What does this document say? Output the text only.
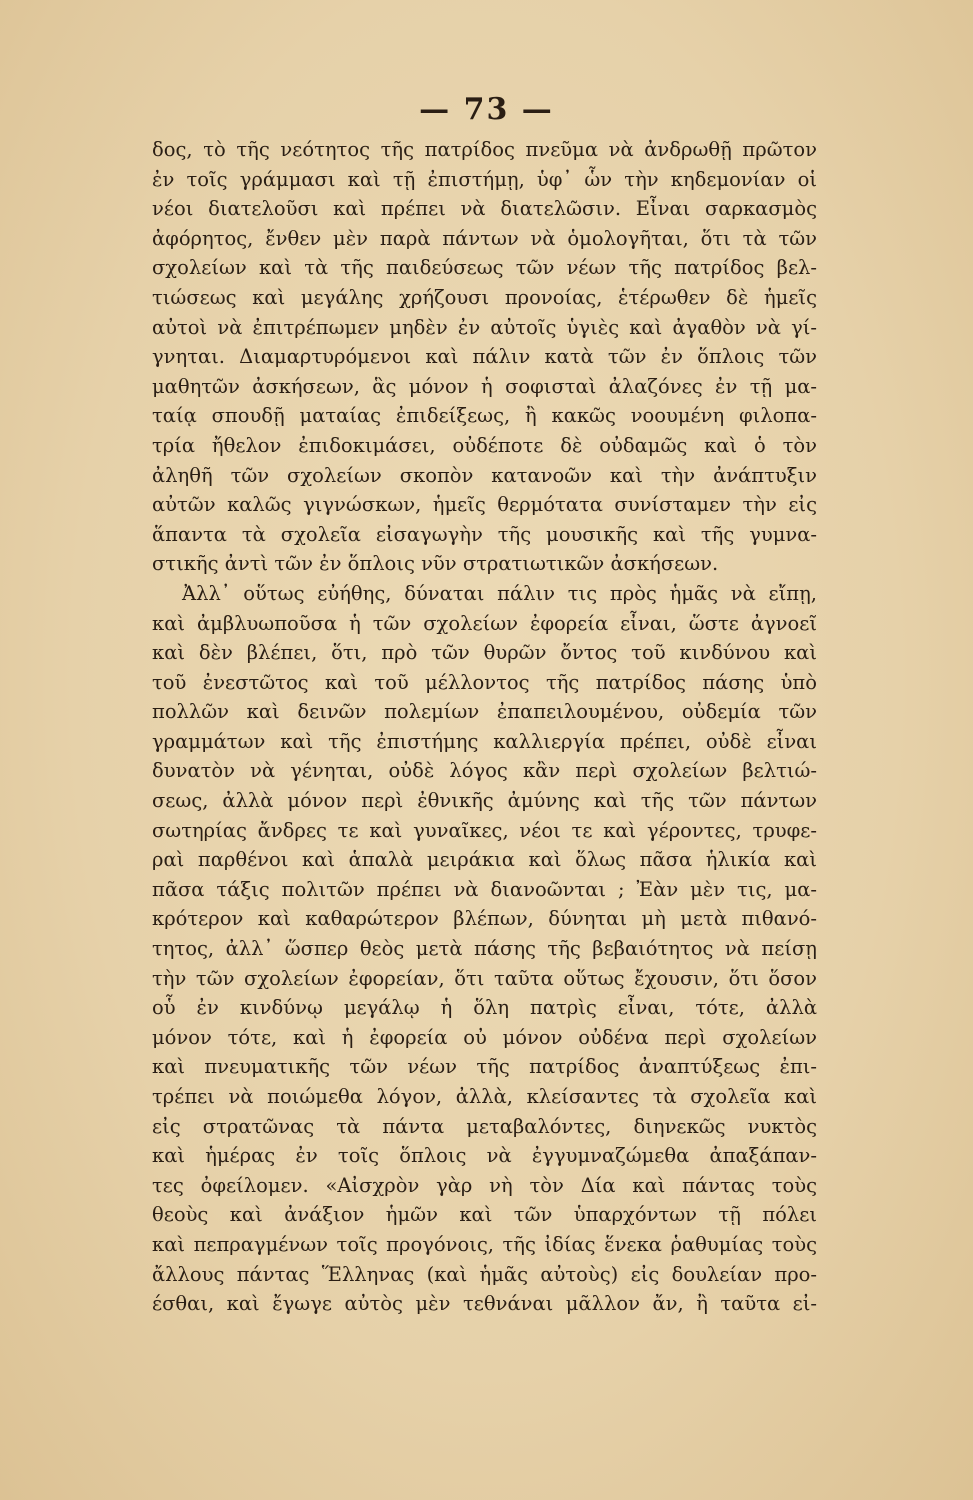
— 73 —
δος, τὸ τῆς νεότητος τῆς πατρίδος πνεῦμα νὰ ἀνδρωθῇ πρῶτον
ἐν τοῖς γράμμασι καὶ τῇ ἐπιστήμῃ, ὑφ᾿ ὧν τὴν κηδεμονίαν οἱ
νέοι διατελοῦσι καὶ πρέπει νὰ διατελῶσιν. Εἶναι σαρκασμὸς
ἀφόρητος, ἔνθεν μὲν παρὰ πάντων νὰ ὁμολογῆται, ὅτι τὰ τῶν
σχολείων καὶ τὰ τῆς παιδεύσεως τῶν νέων τῆς πατρίδος βελ-
τιώσεως καὶ μεγάλης χρήζουσι προνοίας, ἑτέρωθεν δὲ ἡμεῖς
αὐτοὶ νὰ ἐπιτρέπωμεν μηδὲν ἐν αὐτοῖς ὑγιὲς καὶ ἀγαθὸν νὰ γί-
γνηται. Διαμαρτυρόμενοι καὶ πάλιν κατὰ τῶν ἐν ὅπλοις τῶν
μαθητῶν ἀσκήσεων, ἃς μόνον ἡ σοφισταὶ ἀλαζόνες ἐν τῇ μα-
ταίᾳ σπουδῇ ματαίας ἐπιδείξεως, ἢ κακῶς νοουμένη φιλοπα-
τρία ἤθελον ἐπιδοκιμάσει, οὐδέποτε δὲ οὐδαμῶς καὶ ὁ τὸν
ἀληθῆ τῶν σχολείων σκοπὸν κατανοῶν καὶ τὴν ἀνάπτυξιν
αὐτῶν καλῶς γιγνώσκων, ἡμεῖς θερμότατα συνίσταμεν τὴν εἰς
ἅπαντα τὰ σχολεῖα εἰσαγωγὴν τῆς μουσικῆς καὶ τῆς γυμνα-
στικῆς ἀντὶ τῶν ἐν ὅπλοις νῦν στρατιωτικῶν ἀσκήσεων.
Ἀλλ᾿ οὕτως εὐήθης, δύναται πάλιν τις πρὸς ἡμᾶς νὰ εἴπῃ,
καὶ ἀμβλυωποῦσα ἡ τῶν σχολείων ἐφορεία εἶναι, ὥστε ἀγνοεῖ
καὶ δὲν βλέπει, ὅτι, πρὸ τῶν θυρῶν ὄντος τοῦ κινδύνου καὶ
τοῦ ἐνεστῶτος καὶ τοῦ μέλλοντος τῆς πατρίδος πάσης ὑπὸ
πολλῶν καὶ δεινῶν πολεμίων ἐπαπειλουμένου, οὐδεμία τῶν
γραμμάτων καὶ τῆς ἐπιστήμης καλλιεργία πρέπει, οὐδὲ εἶναι
δυνατὸν νὰ γένηται, οὐδὲ λόγος κἂν περὶ σχολείων βελτιώ-
σεως, ἀλλὰ μόνον περὶ ἐθνικῆς ἀμύνης καὶ τῆς τῶν πάντων
σωτηρίας ἄνδρες τε καὶ γυναῖκες, νέοι τε καὶ γέροντες, τρυφε-
ραὶ παρθένοι καὶ ἁπαλὰ μειράκια καὶ ὅλως πᾶσα ἡλικία καὶ
πᾶσα τάξις πολιτῶν πρέπει νὰ διανοῶνται ; Ἐὰν μὲν τις, μα-
κρότερον καὶ καθαρώτερον βλέπων, δύνηται μὴ μετὰ πιθανό-
τητος, ἀλλ᾿ ὥσπερ θεὸς μετὰ πάσης τῆς βεβαιότητος νὰ πείσῃ
τὴν τῶν σχολείων ἐφορείαν, ὅτι ταῦτα οὕτως ἔχουσιν, ὅτι ὅσον
οὗ ἐν κινδύνῳ μεγάλῳ ἡ ὅλη πατρὶς εἶναι, τότε, ἀλλὰ
μόνον τότε, καὶ ἡ ἐφορεία οὐ μόνον οὐδένα περὶ σχολείων
καὶ πνευματικῆς τῶν νέων τῆς πατρίδος ἀναπτύξεως ἐπι-
τρέπει νὰ ποιώμεθα λόγον, ἀλλὰ, κλείσαντες τὰ σχολεῖα καὶ
εἰς στρατῶνας τὰ πάντα μεταβαλόντες, διηνεκῶς νυκτὸς
καὶ ἡμέρας ἐν τοῖς ὅπλοις νὰ ἐγγυμναζώμεθα ἀπαξάπαν-
τες ὀφείλομεν. «Αἰσχρὸν γὰρ νὴ τὸν Δία καὶ πάντας τοὺς
θεοὺς καὶ ἀνάξιον ἡμῶν καὶ τῶν ὑπαρχόντων τῇ πόλει
καὶ πεπραγμένων τοῖς προγόνοις, τῆς ἰδίας ἕνεκα ῥαθυμίας τοὺς
ἄλλους πάντας Ἕλληνας (καὶ ἡμᾶς αὐτοὺς) εἰς δουλείαν προ-
έσθαι, καὶ ἔγωγε αὐτὸς μὲν τεθνάναι μᾶλλον ἄν, ἢ ταῦτα εἰ-
